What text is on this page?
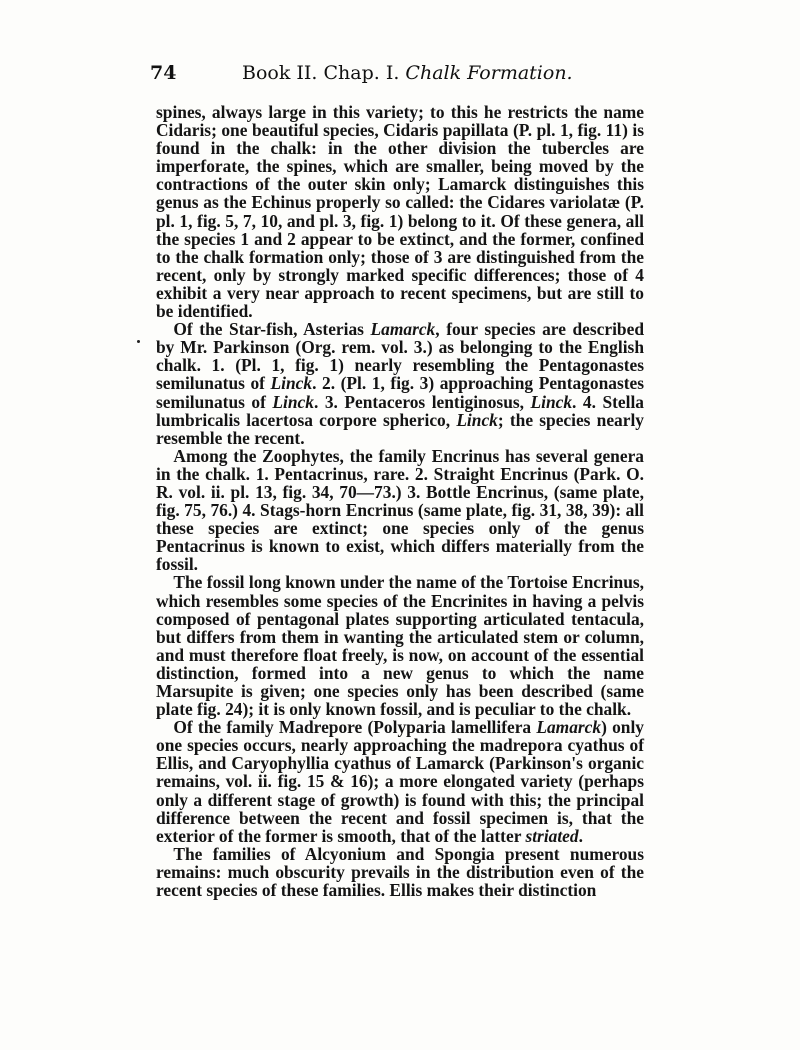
74	Book II. Chap. I. Chalk Formation.

spines, always large in this variety; to this he restricts the name Cidaris; one beautiful species, Cidaris papillata (P. pl. 1, fig. 11) is found in the chalk: in the other division the tubercles are imperforate, the spines, which are smaller, being moved by the contractions of the outer skin only; Lamarck distinguishes this genus as the Echinus properly so called: the Cidares variolatæ (P. pl. 1, fig. 5, 7, 10, and pl. 3, fig. 1) belong to it. Of these genera, all the species 1 and 2 appear to be extinct, and the former, confined to the chalk formation only; those of 3 are distinguished from the recent, only by strongly marked specific differences; those of 4 exhibit a very near approach to recent specimens, but are still to be identified.

Of the Star-fish, Asterias Lamarck, four species are described by Mr. Parkinson (Org. rem. vol. 3.) as belonging to the English chalk. 1. (Pl. 1, fig. 1) nearly resembling the Pentagonastes semilunatus of Linck. 2. (Pl. 1, fig. 3) approaching Pentagonastes semilunatus of Linck. 3. Pentaceros lentiginosus, Linck. 4. Stella lumbricalis lacertosa corpore spherico, Linck; the species nearly resemble the recent.

Among the Zoophytes, the family Encrinus has several genera in the chalk. 1. Pentacrinus, rare. 2. Straight Encrinus (Park. O. R. vol. ii. pl. 13, fig. 34, 70—73.) 3. Bottle Encrinus, (same plate, fig. 75, 76.) 4. Stags-horn Encrinus (same plate, fig. 31, 38, 39): all these species are extinct; one species only of the genus Pentacrinus is known to exist, which differs materially from the fossil.

The fossil long known under the name of the Tortoise Encrinus, which resembles some species of the Encrinites in having a pelvis composed of pentagonal plates supporting articulated tentacula, but differs from them in wanting the articulated stem or column, and must therefore float freely, is now, on account of the essential distinction, formed into a new genus to which the name Marsupite is given; one species only has been described (same plate fig. 24); it is only known fossil, and is peculiar to the chalk.

Of the family Madrepore (Polyparia lamellifera Lamarck) only one species occurs, nearly approaching the madrepora cyathus of Ellis, and Caryophyllia cyathus of Lamarck (Parkinson's organic remains, vol. ii. fig. 15 & 16); a more elongated variety (perhaps only a different stage of growth) is found with this; the principal difference between the recent and fossil specimen is, that the exterior of the former is smooth, that of the latter striated.

The families of Alcyonium and Spongia present numerous remains: much obscurity prevails in the distribution even of the recent species of these families. Ellis makes their distinction
